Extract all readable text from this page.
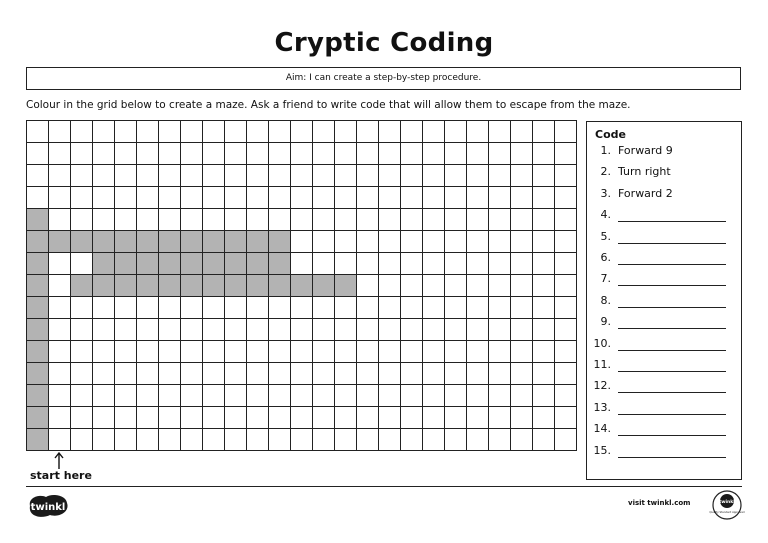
Cryptic Coding
Aim: I can create a step-by-step procedure.
Colour in the grid below to create a maze. Ask a friend to write code that will allow them to escape from the maze.
start here
Code
1. Forward 9
2. Turn right
3. Forward 2
4.
5.
6.
7.
8.
9.
10.
11.
12.
13.
14.
15.
twinkl	visit twinkl.com	twinkl
Quality Standard Approved
